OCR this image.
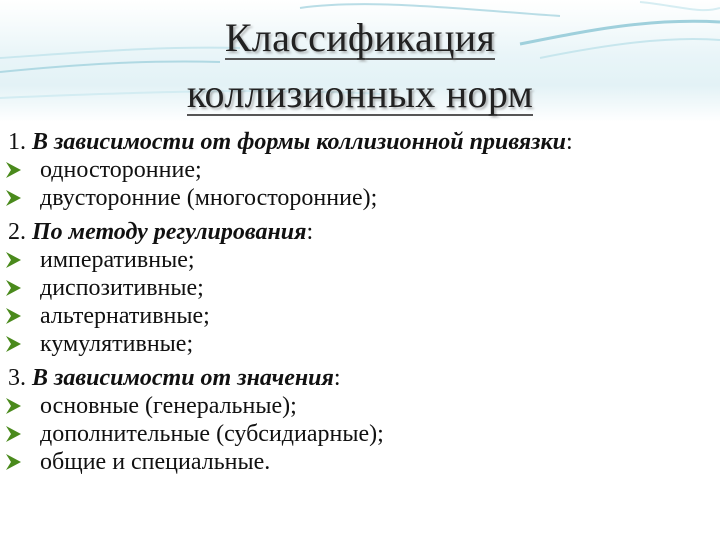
Классификация
коллизионных норм
1. В зависимости от формы коллизионной привязки:
односторонние;
двусторонние (многосторонние);
2. По методу регулирования:
императивные;
диспозитивные;
альтернативные;
кумулятивные;
3. В зависимости от значения:
основные (генеральные);
дополнительные (субсидиарные);
общие и специальные.
